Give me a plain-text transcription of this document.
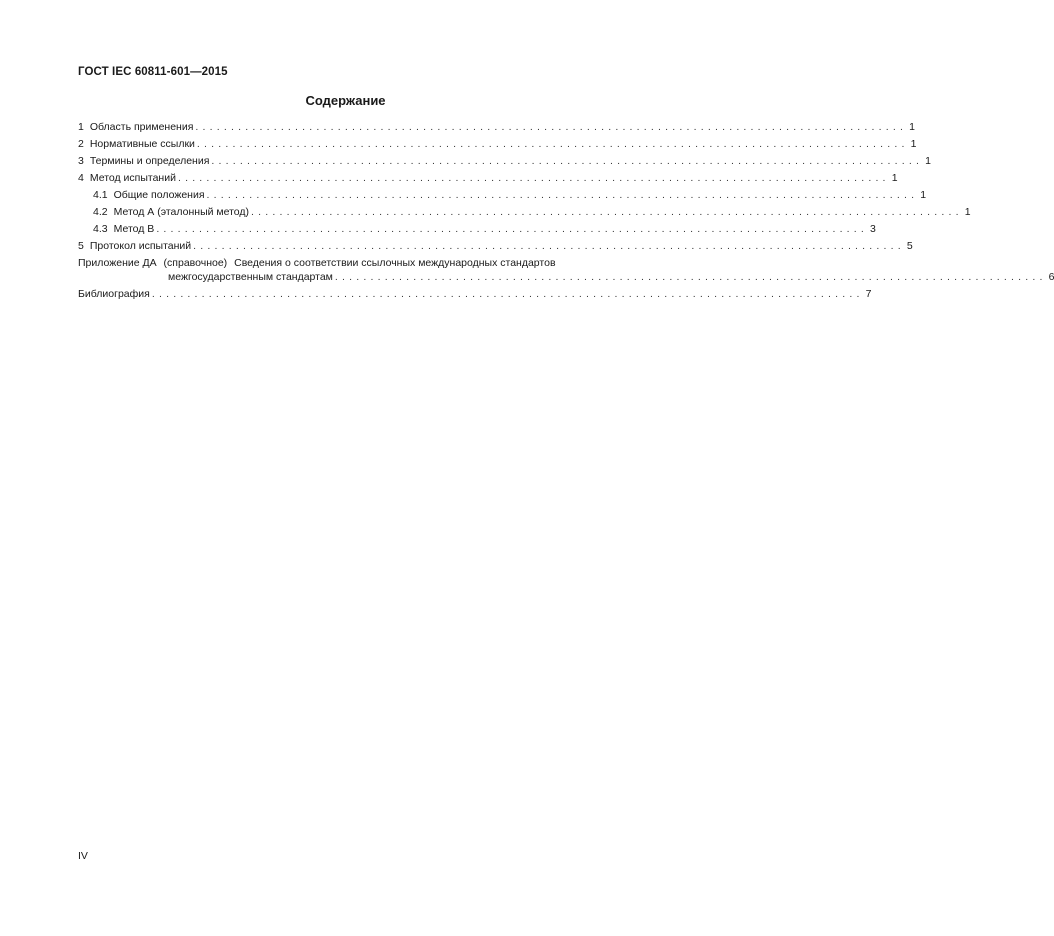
ГОСТ IEC 60811-601—2015
Содержание
1 Область применения .................................................................................................... 1
2 Нормативные ссылки .................................................................................................... 1
3 Термины и определения .................................................................................................... 1
4 Метод испытаний .................................................................................................... 1
4.1 Общие положения .................................................................................................... 1
4.2 Метод А (эталонный метод) .................................................................................................... 1
4.3 Метод В .................................................................................................... 3
5 Протокол испытаний .................................................................................................... 5
Приложение ДА (справочное) Сведения о соответствии ссылочных международных стандартов
межгосударственным стандартам .................................................................................................... 6
Библиография .................................................................................................... 7
IV
